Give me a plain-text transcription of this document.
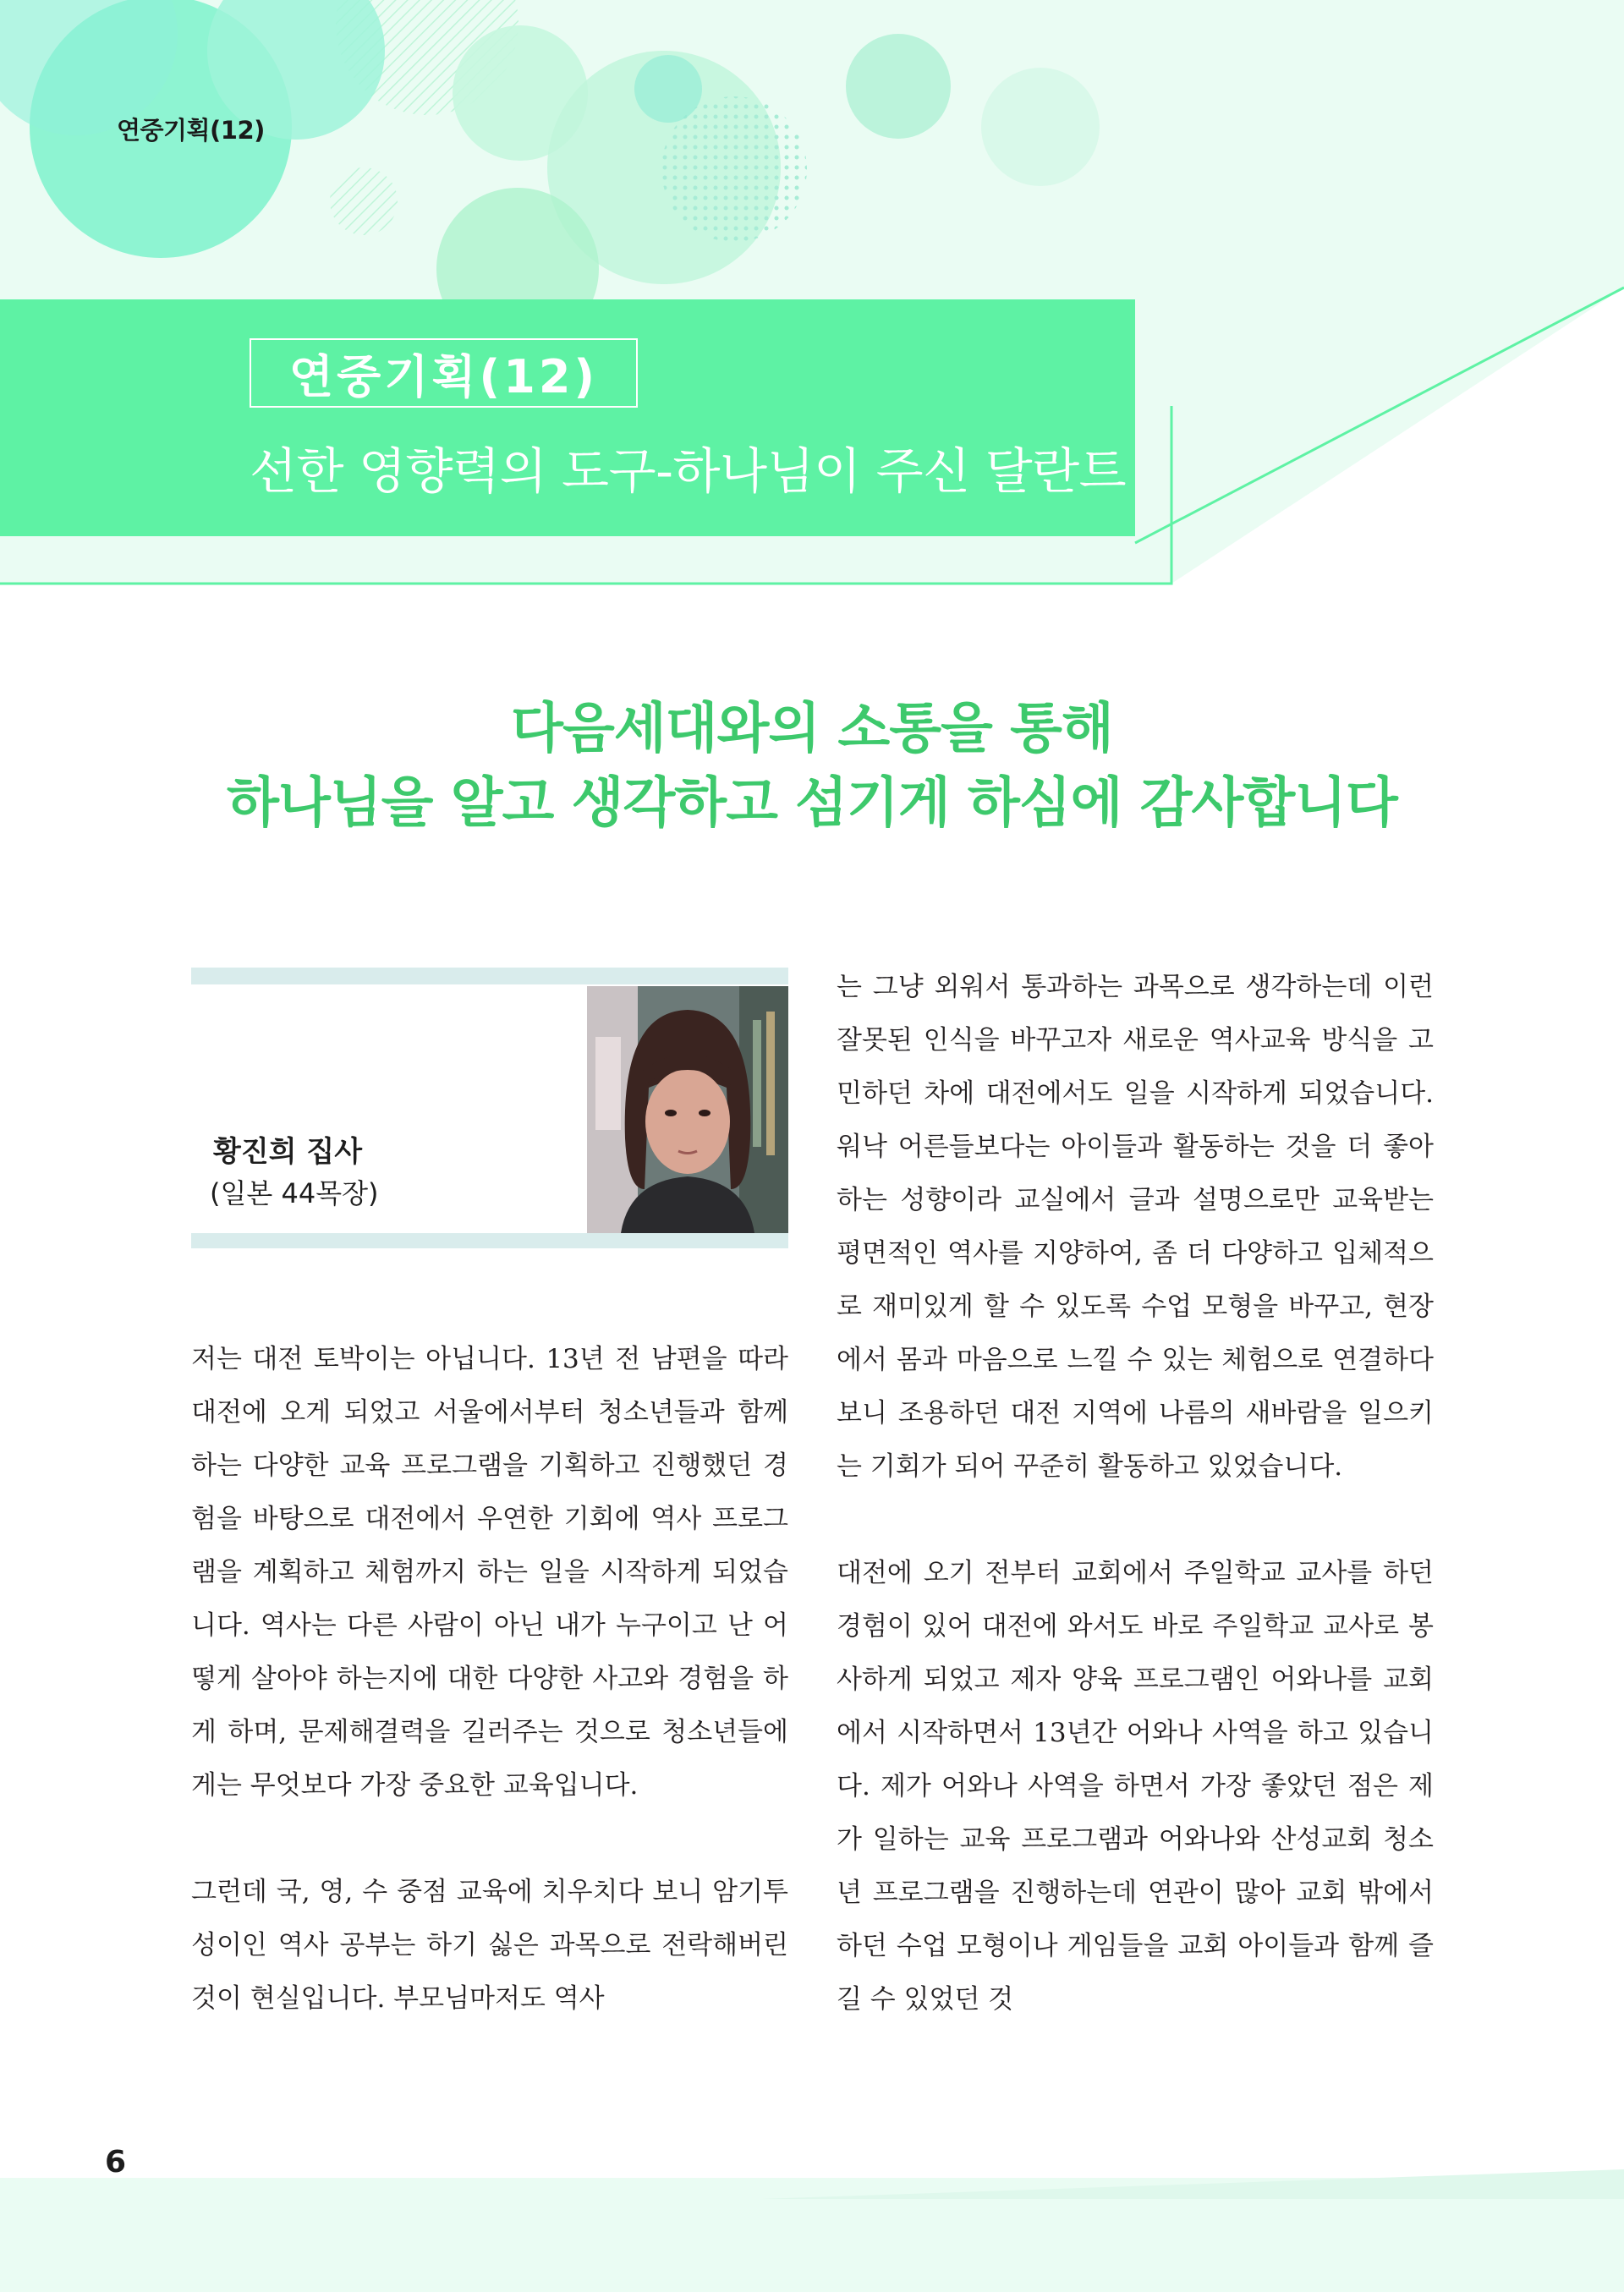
연중기획(12)
연중기획(12)
선한 영향력의 도구-하나님이 주신 달란트
다음세대와의 소통을 통해
하나님을 알고 생각하고 섬기게 하심에 감사합니다
황진희 집사
(일본 44목장)

저는 대전 토박이는 아닙니다. 13년 전 남편을 따라 대전에 오게 되었고 서울에서부터 청소년들과 함께하는 다양한 교육 프로그램을 기획하고 진행했던 경험을 바탕으로 대전에서 우연한 기회에 역사 프로그램을 계획하고 체험까지 하는 일을 시작하게 되었습니다. 역사는 다른 사람이 아닌 내가 누구이고 난 어떻게 살아야 하는지에 대한 다양한 사고와 경험을 하게 하며, 문제해결력을 길러주는 것으로 청소년들에게는 무엇보다 가장 중요한 교육입니다.

그런데 국, 영, 수 중점 교육에 치우치다 보니 암기투성이인 역사 공부는 하기 싫은 과목으로 전락해버린 것이 현실입니다. 부모님마저도 역사

는 그냥 외워서 통과하는 과목으로 생각하는데 이런 잘못된 인식을 바꾸고자 새로운 역사교육 방식을 고민하던 차에 대전에서도 일을 시작하게 되었습니다. 워낙 어른들보다는 아이들과 활동하는 것을 더 좋아하는 성향이라 교실에서 글과 설명으로만 교육받는 평면적인 역사를 지양하여, 좀 더 다양하고 입체적으로 재미있게 할 수 있도록 수업 모형을 바꾸고, 현장에서 몸과 마음으로 느낄 수 있는 체험으로 연결하다 보니 조용하던 대전 지역에 나름의 새바람을 일으키는 기회가 되어 꾸준히 활동하고 있었습니다.

대전에 오기 전부터 교회에서 주일학교 교사를 하던 경험이 있어 대전에 와서도 바로 주일학교 교사로 봉사하게 되었고 제자 양육 프로그램인 어와나를 교회에서 시작하면서 13년간 어와나 사역을 하고 있습니다. 제가 어와나 사역을 하면서 가장 좋았던 점은 제가 일하는 교육 프로그램과 어와나와 산성교회 청소년 프로그램을 진행하는데 연관이 많아 교회 밖에서 하던 수업 모형이나 게임들을 교회 아이들과 함께 즐길 수 있었던 것

6
